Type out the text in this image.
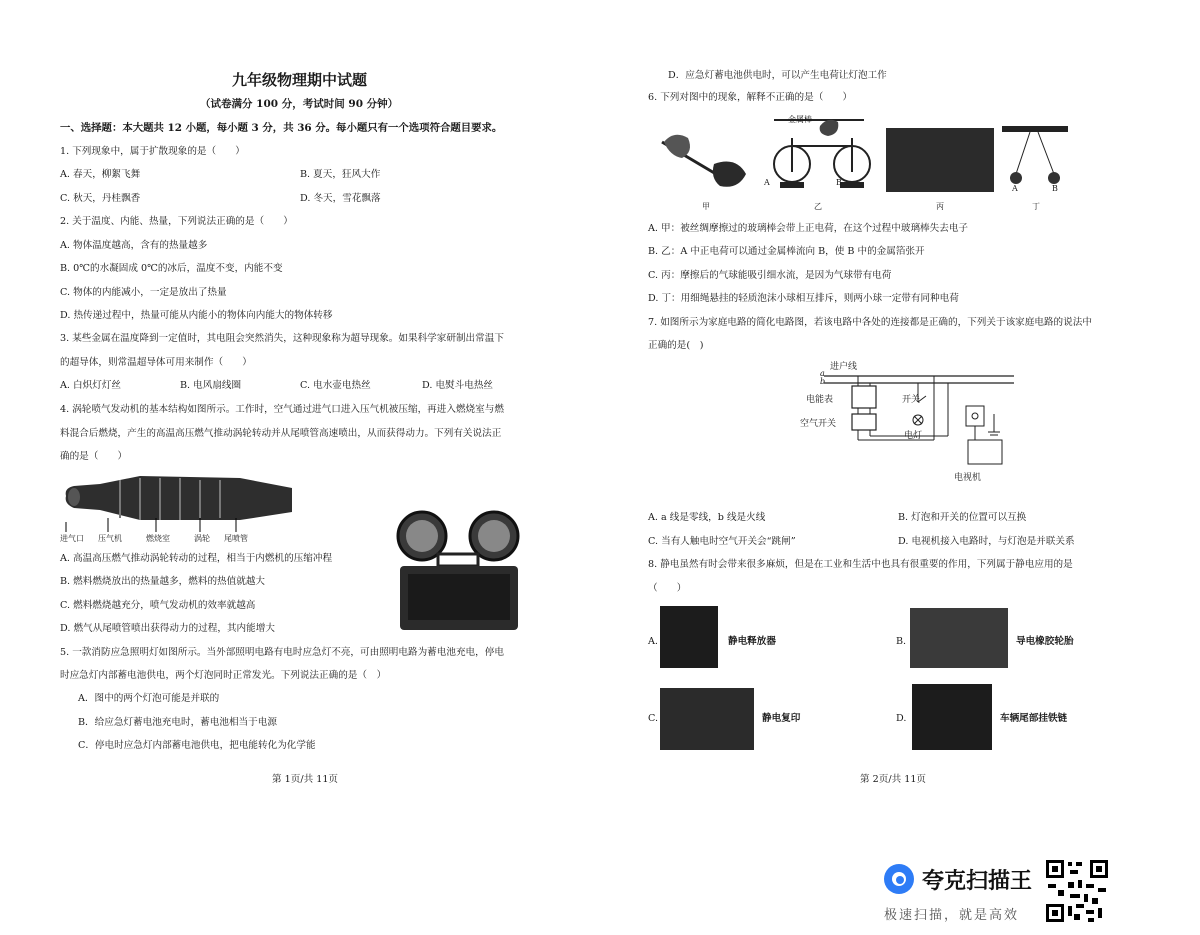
九年级物理期中试题
（试卷满分 100 分，考试时间 90 分钟）
一、选择题：本大题共 12 小题，每小题 3 分，共 36 分。每小题只有一个选项符合题目要求。
1. 下列现象中，属于扩散现象的是（　　）
A. 春天，柳絮飞舞	B. 夏天，狂风大作
C. 秋天，丹桂飘香	D. 冬天，雪花飘落
2. 关于温度、内能、热量，下列说法正确的是（　　）
A. 物体温度越高，含有的热量越多
B. 0℃的水凝固成 0℃的冰后，温度不变，内能不变
C. 物体的内能减小，一定是放出了热量
D. 热传递过程中，热量可能从内能小的物体向内能大的物体转移
3. 某些金属在温度降到一定值时，其电阻会突然消失，这种现象称为超导现象。如果科学家研制出常温下
的超导体，则常温超导体可用来制作（　　）
A. 白炽灯灯丝	B. 电风扇线圈	C. 电水壶电热丝	D. 电熨斗电热丝
4. 涡轮喷气发动机的基本结构如图所示。工作时，空气通过进气口进入压气机被压缩，再进入燃烧室与燃
料混合后燃烧，产生的高温高压燃气推动涡轮转动并从尾喷管高速喷出，从而获得动力。下列有关说法正
确的是（　　）
进气口 压气机	燃烧室	涡轮 尾喷管
A. 高温高压燃气推动涡轮转动的过程，相当于内燃机的压缩冲程
B. 燃料燃烧放出的热量越多，燃料的热值就越大
C. 燃料燃烧越充分，喷气发动机的效率就越高
D. 燃气从尾喷管喷出获得动力的过程，其内能增大
5. 一款消防应急照明灯如图所示。当外部照明电路有电时应急灯不亮，可由照明电路为蓄电池充电，停电
时应急灯内部蓄电池供电，两个灯泡同时正常发光。下列说法正确的是（　）
A．图中的两个灯泡可能是并联的
B．给应急灯蓄电池充电时，蓄电池相当于电源
C．停电时应急灯内部蓄电池供电，把电能转化为化学能
第 1页/共 11页
D．应急灯蓄电池供电时，可以产生电荷让灯泡工作
6. 下列对图中的现象，解释不正确的是（　　）
金属棒
A	B
A	B
甲	乙	丙	丁
A. 甲：被丝绸摩擦过的玻璃棒会带上正电荷，在这个过程中玻璃棒失去电子
B. 乙：A 中正电荷可以通过金属棒流向 B，使 B 中的金属箔张开
C. 丙：摩擦后的气球能吸引细水流，是因为气球带有电荷
D. 丁：用细绳悬挂的轻质泡沫小球相互排斥，则两小球一定带有同种电荷
7. 如图所示为家庭电路的简化电路图，若该电路中各处的连接都是正确的，下列关于该家庭电路的说法中
正确的是(　)
进户线
a
b
电能表
空气开关
开关
电灯
电视机
A. a 线是零线，b 线是火线	B. 灯泡和开关的位置可以互换
C. 当有人触电时空气开关会“跳闸”	D. 电视机接入电路时，与灯泡是并联关系
8. 静电虽然有时会带来很多麻烦，但是在工业和生活中也具有很重要的作用，下列属于静电应用的是
（　　）
A.	静电释放器	B.	导电橡胶轮胎
C.	静电复印	D.	车辆尾部挂铁链
第 2页/共 11页
夸克扫描王
极速扫描，就是高效
